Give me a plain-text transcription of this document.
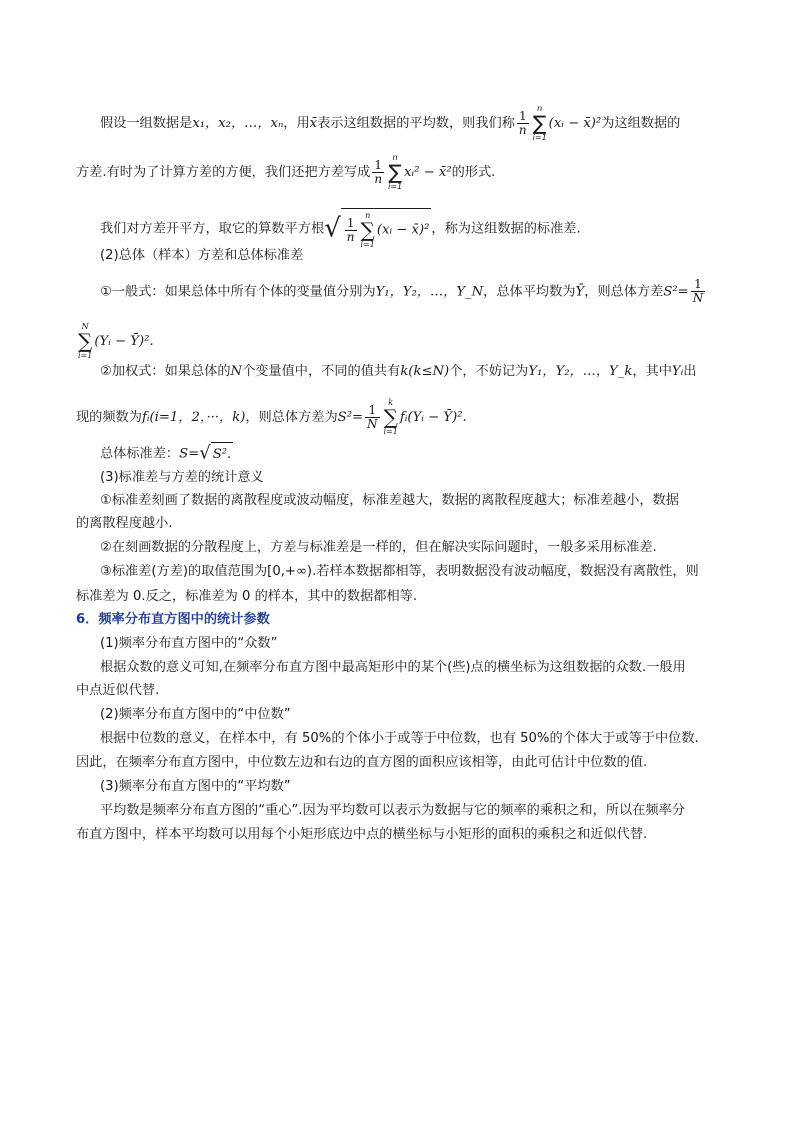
假设一组数据是x₁，x₂，…，xₙ，用x̄表示这组数据的平均数，则我们称 $\frac{1}{n}$
n
∑
i=1
(xᵢ − x̄)²为这组数据的
方差.有时为了计算方差的方便，我们还把方差写成 $\frac{1}{n}$
n
∑
i=1
xᵢ² − x̄²的形式.
我们对方差开平方，取它的算数平方根√ $\frac{1}{n}$
n
∑
i=1
(xᵢ − x̄)² ，称为这组数据的标准差.
(2)总体（样本）方差和总体标准差
①一般式：如果总体中所有个体的变量值分别为Y₁，Y₂，…，Y_N，总体平均数为Ȳ，则总体方差$S^2= \frac{1}{N}$
N
∑
i=1
(Yᵢ − Ȳ)².
②加权式：如果总体的N个变量值中，不同的值共有k(k≤N)个，不妨记为Y₁，Y₂，…，Y_k，其中Yᵢ出
现的频数为fᵢ(i=1，2，···，k)，则总体方差为$S^2= \frac{1}{N}$
k
∑
i=1
fᵢ(Yᵢ − Ȳ)².
总体标准差：S=√ S².
(3)标准差与方差的统计意义
①标准差刻画了数据的离散程度或波动幅度，标准差越大，数据的离散程度越大；标准差越小，数据
的离散程度越小.
②在刻画数据的分散程度上，方差与标准差是一样的，但在解决实际问题时，一般多采用标准差.
③标准差(方差)的取值范围为[0,+∞).若样本数据都相等，表明数据没有波动幅度，数据没有离散性，则
标准差为 0.反之，标准差为 0 的样本，其中的数据都相等.
6．频率分布直方图中的统计参数
(1)频率分布直方图中的“众数”
根据众数的意义可知,在频率分布直方图中最高矩形中的某个(些)点的横坐标为这组数据的众数.一般用
中点近似代替.
(2)频率分布直方图中的“中位数”
根据中位数的意义，在样本中，有 50%的个体小于或等于中位数，也有 50%的个体大于或等于中位数.
因此，在频率分布直方图中，中位数左边和右边的直方图的面积应该相等，由此可估计中位数的值.
(3)频率分布直方图中的“平均数”
平均数是频率分布直方图的“重心”.因为平均数可以表示为数据与它的频率的乘积之和，所以在频率分
布直方图中，样本平均数可以用每个小矩形底边中点的横坐标与小矩形的面积的乘积之和近似代替.
